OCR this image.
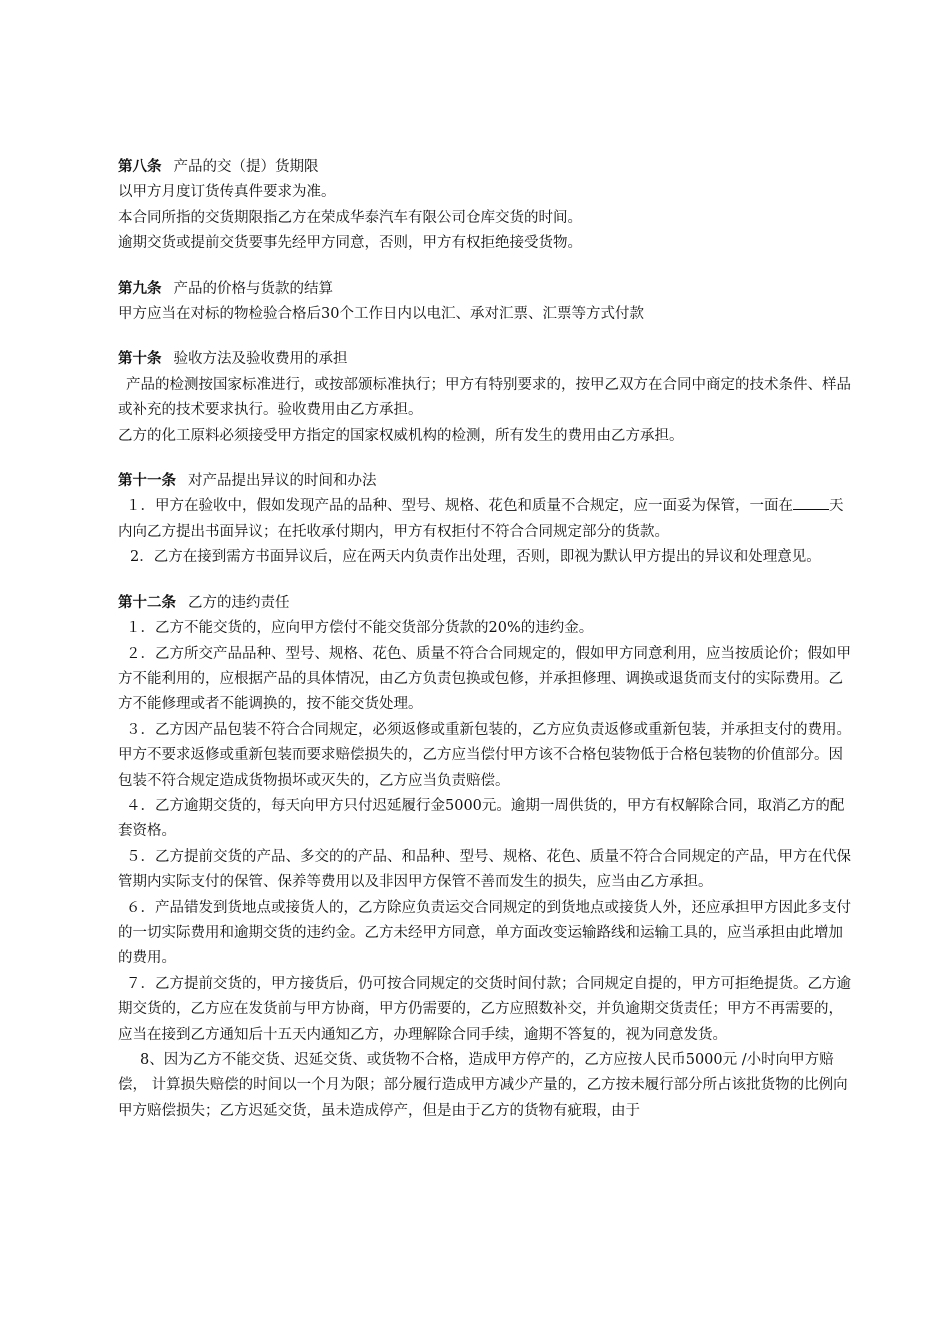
第八条 产品的交（提）货期限

以甲方月度订货传真件要求为准。

本合同所指的交货期限指乙方在荣成华泰汽车有限公司仓库交货的时间。

逾期交货或提前交货要事先经甲方同意，否则，甲方有权拒绝接受货物。

第九条 产品的价格与货款的结算

甲方应当在对标的物检验合格后30个工作日内以电汇、承对汇票、汇票等方式付款

第十条 验收方法及验收费用的承担

产品的检测按国家标准进行，或按部颁标准执行；甲方有特别要求的，按甲乙双方在合同中商定的技术条件、样品或补充的技术要求执行。验收费用由乙方承担。

乙方的化工原料必须接受甲方指定的国家权威机构的检测，所有发生的费用由乙方承担。

第十一条 对产品提出异议的时间和办法

１．甲方在验收中，假如发现产品的品种、型号、规格、花色和质量不合规定，应一面妥为保管，一面在 天内向乙方提出书面异议；在托收承付期内，甲方有权拒付不符合合同规定部分的货款。

2．乙方在接到需方书面异议后，应在两天内负责作出处理，否则，即视为默认甲方提出的异议和处理意见。

第十二条 乙方的违约责任

１．乙方不能交货的，应向甲方偿付不能交货部分货款的20%的违约金。

２．乙方所交产品品种、型号、规格、花色、质量不符合合同规定的，假如甲方同意利用，应当按质论价；假如甲方不能利用的，应根据产品的具体情况，由乙方负责包换或包修，并承担修理、调换或退货而支付的实际费用。乙方不能修理或者不能调换的，按不能交货处理。

３．乙方因产品包装不符合合同规定，必须返修或重新包装的，乙方应负责返修或重新包装，并承担支付的费用。甲方不要求返修或重新包装而要求赔偿损失的，乙方应当偿付甲方该不合格包装物低于合格包装物的价值部分。因包装不符合规定造成货物损坏或灭失的，乙方应当负责赔偿。

４．乙方逾期交货的，每天向甲方只付迟延履行金5000元。逾期一周供货的，甲方有权解除合同，取消乙方的配套资格。

５．乙方提前交货的产品、多交的的产品、和品种、型号、规格、花色、质量不符合合同规定的产品，甲方在代保管期内实际支付的保管、保养等费用以及非因甲方保管不善而发生的损失，应当由乙方承担。

６．产品错发到货地点或接货人的，乙方除应负责运交合同规定的到货地点或接货人外，还应承担甲方因此多支付的一切实际费用和逾期交货的违约金。乙方未经甲方同意，单方面改变运输路线和运输工具的，应当承担由此增加的费用。

７．乙方提前交货的，甲方接货后，仍可按合同规定的交货时间付款；合同规定自提的，甲方可拒绝提货。乙方逾期交货的，乙方应在发货前与甲方协商，甲方仍需要的，乙方应照数补交，并负逾期交货责任；甲方不再需要的，应当在接到乙方通知后十五天内通知乙方，办理解除合同手续，逾期不答复的，视为同意发货。

8、因为乙方不能交货、迟延交货、或货物不合格，造成甲方停产的，乙方应按人民币5000元 /小时向甲方赔偿， 计算损失赔偿的时间以一个月为限；部分履行造成甲方减少产量的，乙方按未履行部分所占该批货物的比例向甲方赔偿损失；乙方迟延交货，虽未造成停产，但是由于乙方的货物有疵瑕，由于
